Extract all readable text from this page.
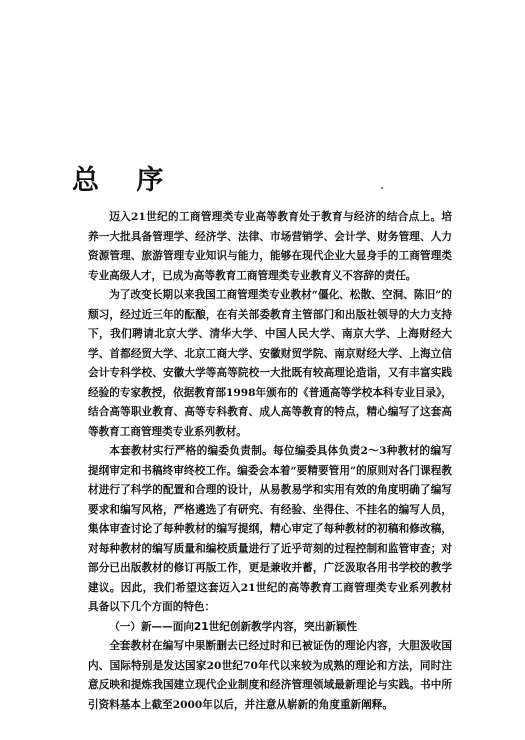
总 序

迈入21世纪的工商管理类专业高等教育处于教育与经济的结合点上。培养一大批具备管理学、经济学、法律、市场营销学、会计学、财务管理、人力资源管理、旅游管理专业知识与能力，能够在现代企业大显身手的工商管理类专业高级人才，已成为高等教育工商管理类专业教育义不容辞的责任。

为了改变长期以来我国工商管理类专业教材“僵化、松散、空洞、陈旧”的颓习，经过近三年的酝酿，在有关部委教育主管部门和出版社领导的大力支持下，我们聘请北京大学、清华大学、中国人民大学、南京大学、上海财经大学、首都经贸大学、北京工商大学、安徽财贸学院、南京财经大学、上海立信会计专科学校、安徽大学等高等院校一大批既有较高理论造诣，又有丰富实践经验的专家教授，依据教育部1998年颁布的《普通高等学校本科专业目录》，结合高等职业教育、高等专科教育、成人高等教育的特点，精心编写了这套高等教育工商管理类专业系列教材。

本套教材实行严格的编委负责制。每位编委具体负责2～3种教材的编写提纲审定和书稿终审终校工作。编委会本着“要精要管用”的原则对各门课程教材进行了科学的配置和合理的设计，从易教易学和实用有效的角度明确了编写要求和编写风格，严格遴选了有研究、有经验、坐得住、不挂名的编写人员，集体审查讨论了每种教材的编写提纲，精心审定了每种教材的初稿和修改稿，对每种教材的编写质量和编校质量进行了近乎苛刻的过程控制和监管审查；对部分已出版教材的修订再版工作，更是兼收并蓄，广泛汲取各用书学校的教学建议。因此，我们希望这套迈入21世纪的高等教育工商管理类专业系列教材具备以下几个方面的特色：

（一）新——面向21世纪创新教学内容，突出新颖性

全套教材在编写中果断删去已经过时和已被证伪的理论内容，大胆汲收国内、国际特别是发达国家20世纪70年代以来较为成熟的理论和方法，同时注意反映和提炼我国建立现代企业制度和经济管理领域最新理论与实践。书中所引资料基本上截至2000年以后，并注意从崭新的角度重新阐释。
